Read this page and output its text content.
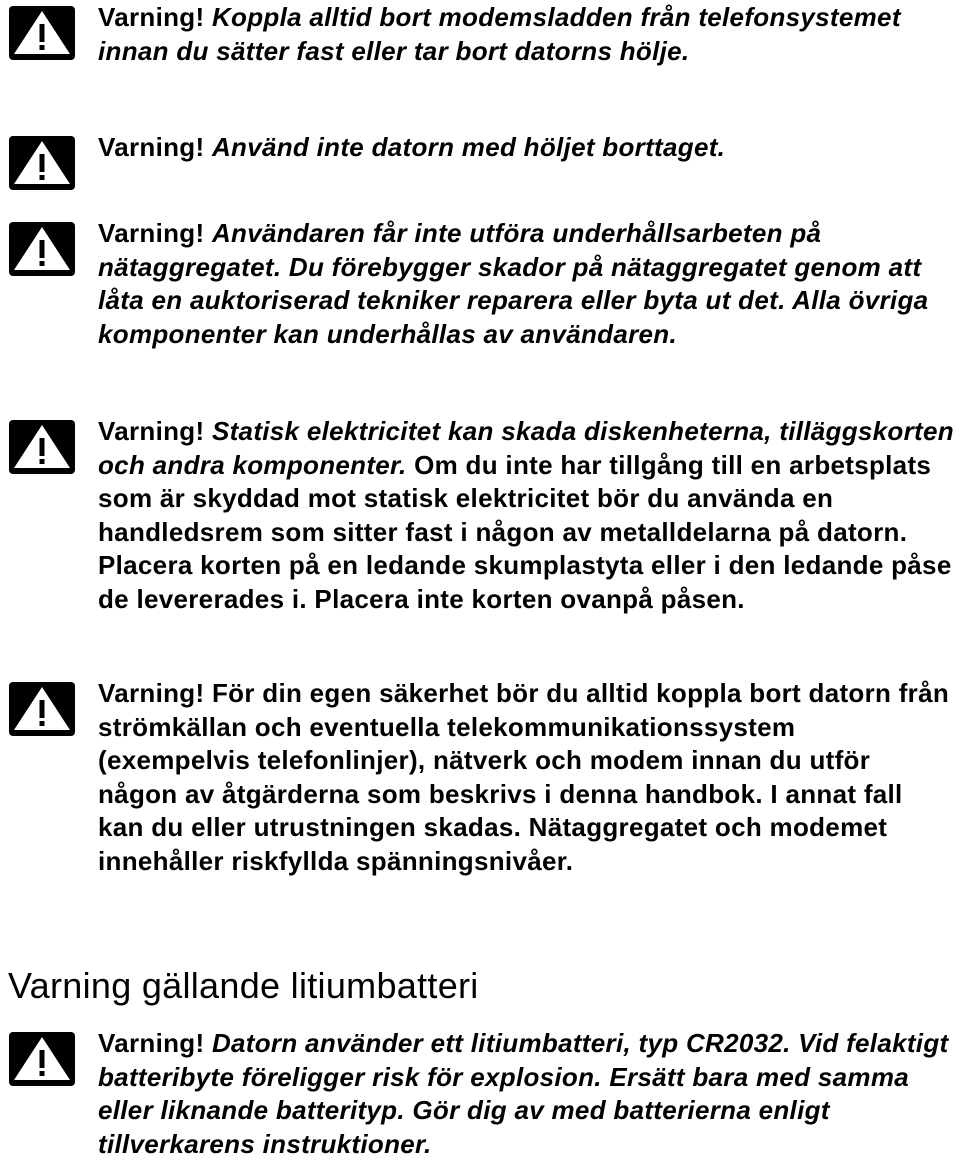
Varning! Koppla alltid bort modemsladden från telefonsystemet innan du sätter fast eller tar bort datorns hölje.

Varning! Använd inte datorn med höljet borttaget.

Varning! Användaren får inte utföra underhållsarbeten på nätaggregatet. Du förebygger skador på nätaggregatet genom att låta en auktoriserad tekniker reparera eller byta ut det. Alla övriga komponenter kan underhållas av användaren.

Varning! Statisk elektricitet kan skada diskenheterna, tilläggskorten och andra komponenter. Om du inte har tillgång till en arbetsplats som är skyddad mot statisk elektricitet bör du använda en handledsrem som sitter fast i någon av metalldelarna på datorn. Placera korten på en ledande skumplastyta eller i den ledande påse de levererades i. Placera inte korten ovanpå påsen.

Varning! För din egen säkerhet bör du alltid koppla bort datorn från strömkällan och eventuella telekommunikationssystem (exempelvis telefonlinjer), nätverk och modem innan du utför någon av åtgärderna som beskrivs i denna handbok. I annat fall kan du eller utrustningen skadas. Nätaggregatet och modemet innehåller riskfyllda spänningsnivåer.

Varning gällande litiumbatteri

Varning! Datorn använder ett litiumbatteri, typ CR2032. Vid felaktigt batteribyte föreligger risk för explosion. Ersätt bara med samma eller liknande batterityp. Gör dig av med batterierna enligt tillverkarens instruktioner.
